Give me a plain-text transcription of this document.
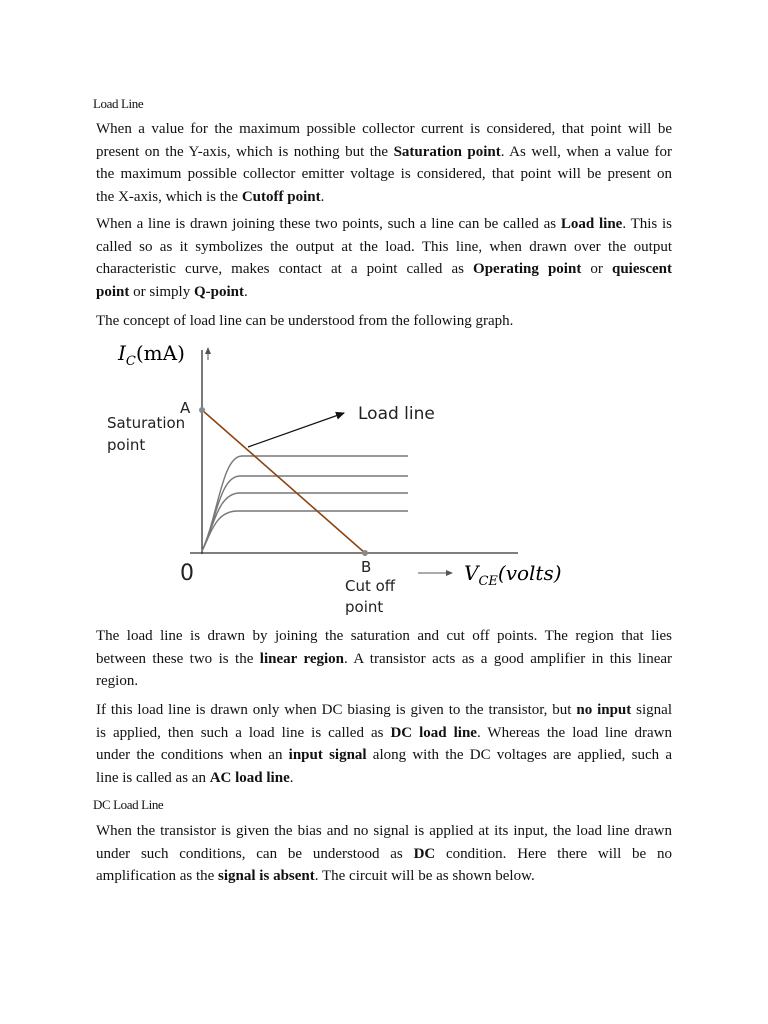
Load Line

When a value for the maximum possible collector current is considered, that point will be
present on the Y-axis, which is nothing but the Saturation point. As well, when a value for
the maximum possible collector emitter voltage is considered, that point will be present on
the X-axis, which is the Cutoff point.

When a line is drawn joining these two points, such a line can be called as Load line. This is
called so as it symbolizes the output at the load. This line, when drawn over the output
characteristic curve, makes contact at a point called as Operating point or quiescent
point or simply Q-point.

The concept of load line can be understood from the following graph.

$I_C(mA)$
A
Saturation
point
Load line
0	B
Cut off
point
$V_{CE}(volts)$

The load line is drawn by joining the saturation and cut off points. The region that lies
between these two is the linear region. A transistor acts as a good amplifier in this linear
region.

If this load line is drawn only when DC biasing is given to the transistor, but no input signal
is applied, then such a load line is called as DC load line. Whereas the load line drawn
under the conditions when an input signal along with the DC voltages are applied, such a
line is called as an AC load line.

DC Load Line

When the transistor is given the bias and no signal is applied at its input, the load line drawn
under such conditions, can be understood as DC condition. Here there will be no
amplification as the signal is absent. The circuit will be as shown below.
